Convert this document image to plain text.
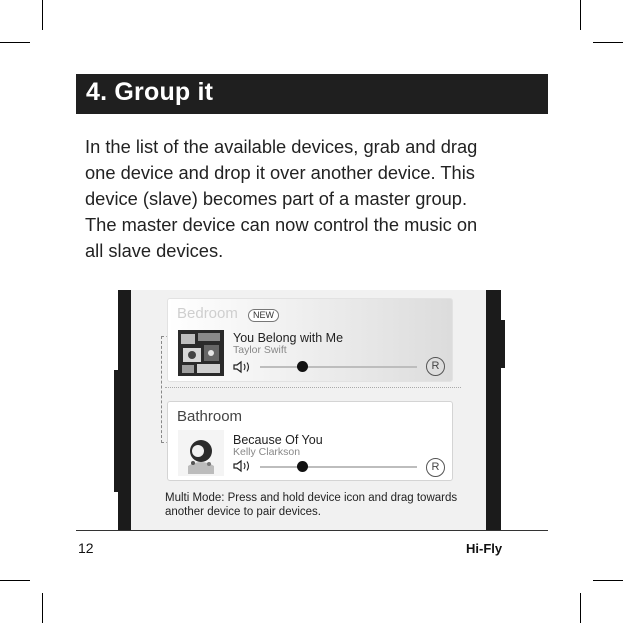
4. Group it

In the list of the available devices, grab and drag

one device and drop it over another device. This

device (slave) becomes part of a master group.

The master device can now control the music on

all slave devices.

Bedroom	NEW
You Belong with Me
Taylor Swift
R
Bathroom
Because Of You
Kelly Clarkson
R
Multi Mode: Press and hold device icon and drag towards another device to pair devices.
12	Hi-Fly
